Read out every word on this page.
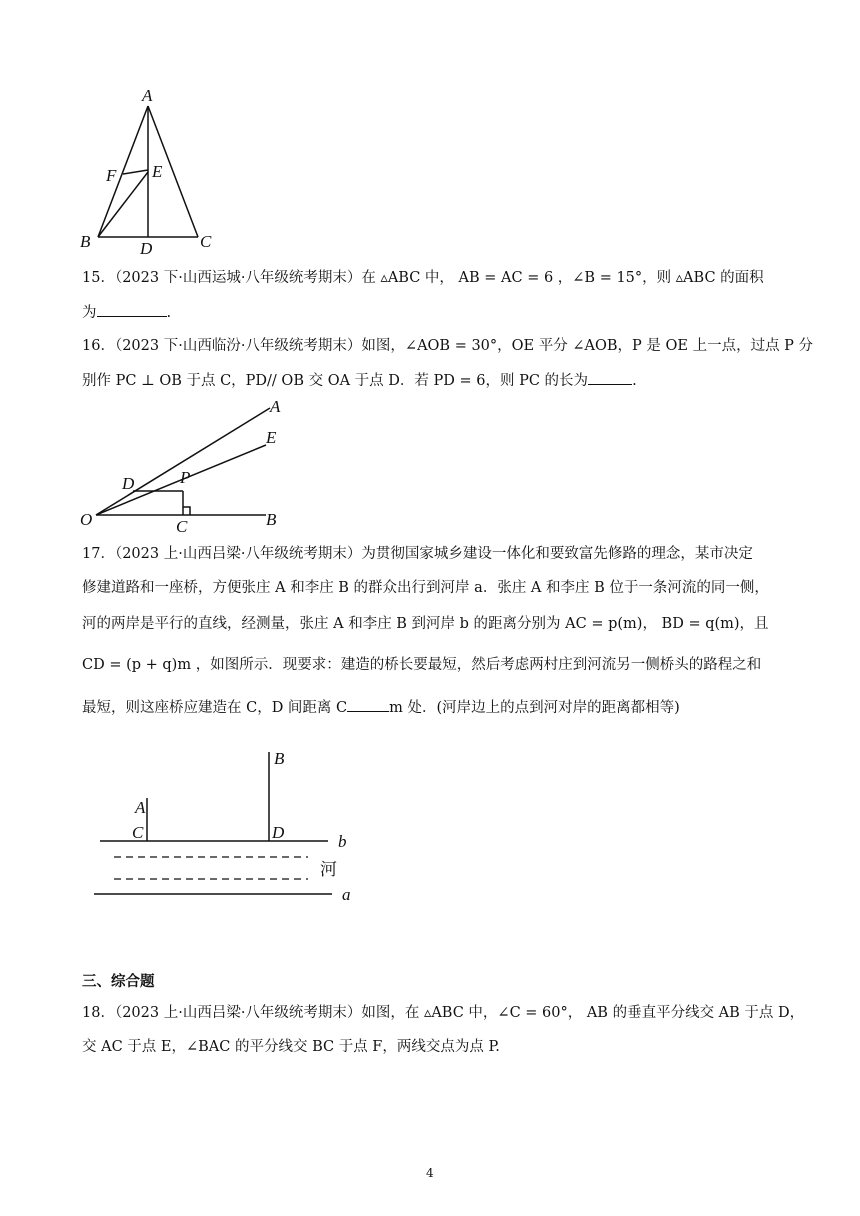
A
F E
B	D	C
15．（2023 下·山西运城·八年级统考期末）在 ▵ABC 中， AB = AC = 6 ，∠B = 15°，则 ▵ABC 的面积
为	.
16．（2023 下·山西临汾·八年级统考期末）如图，∠AOB = 30°，OE 平分 ∠AOB，P 是 OE 上一点，过点 P 分
别作 PC ⊥ OB 于点 C，PD// OB 交 OA 于点 D．若 PD = 6，则 PC 的长为	.
A
E
D	P
O	C	B
17．（2023 上·山西吕梁·八年级统考期末）为贯彻国家城乡建设一体化和要致富先修路的理念，某市决定
修建道路和一座桥，方便张庄 A 和李庄 B 的群众出行到河岸 a．张庄 A 和李庄 B 位于一条河流的同一侧，
河的两岸是平行的直线，经测量，张庄 A 和李庄 B 到河岸 b 的距离分别为 AC = p(m)， BD = q(m)，且
CD = (p + q)m ，如图所示．现要求：建造的桥长要最短，然后考虑两村庄到河流另一侧桥头的路程之和
最短，则这座桥应建造在 C，D 间距离 C	m 处．(河岸边上的点到河对岸的距离都相等)
A
C
B
D	b
河
a
三、综合题
18．（2023 上·山西吕梁·八年级统考期末）如图，在 ▵ABC 中，∠C = 60°， AB 的垂直平分线交 AB 于点 D，
交 AC 于点 E，∠BAC 的平分线交 BC 于点 F，两线交点为点 P.
4
